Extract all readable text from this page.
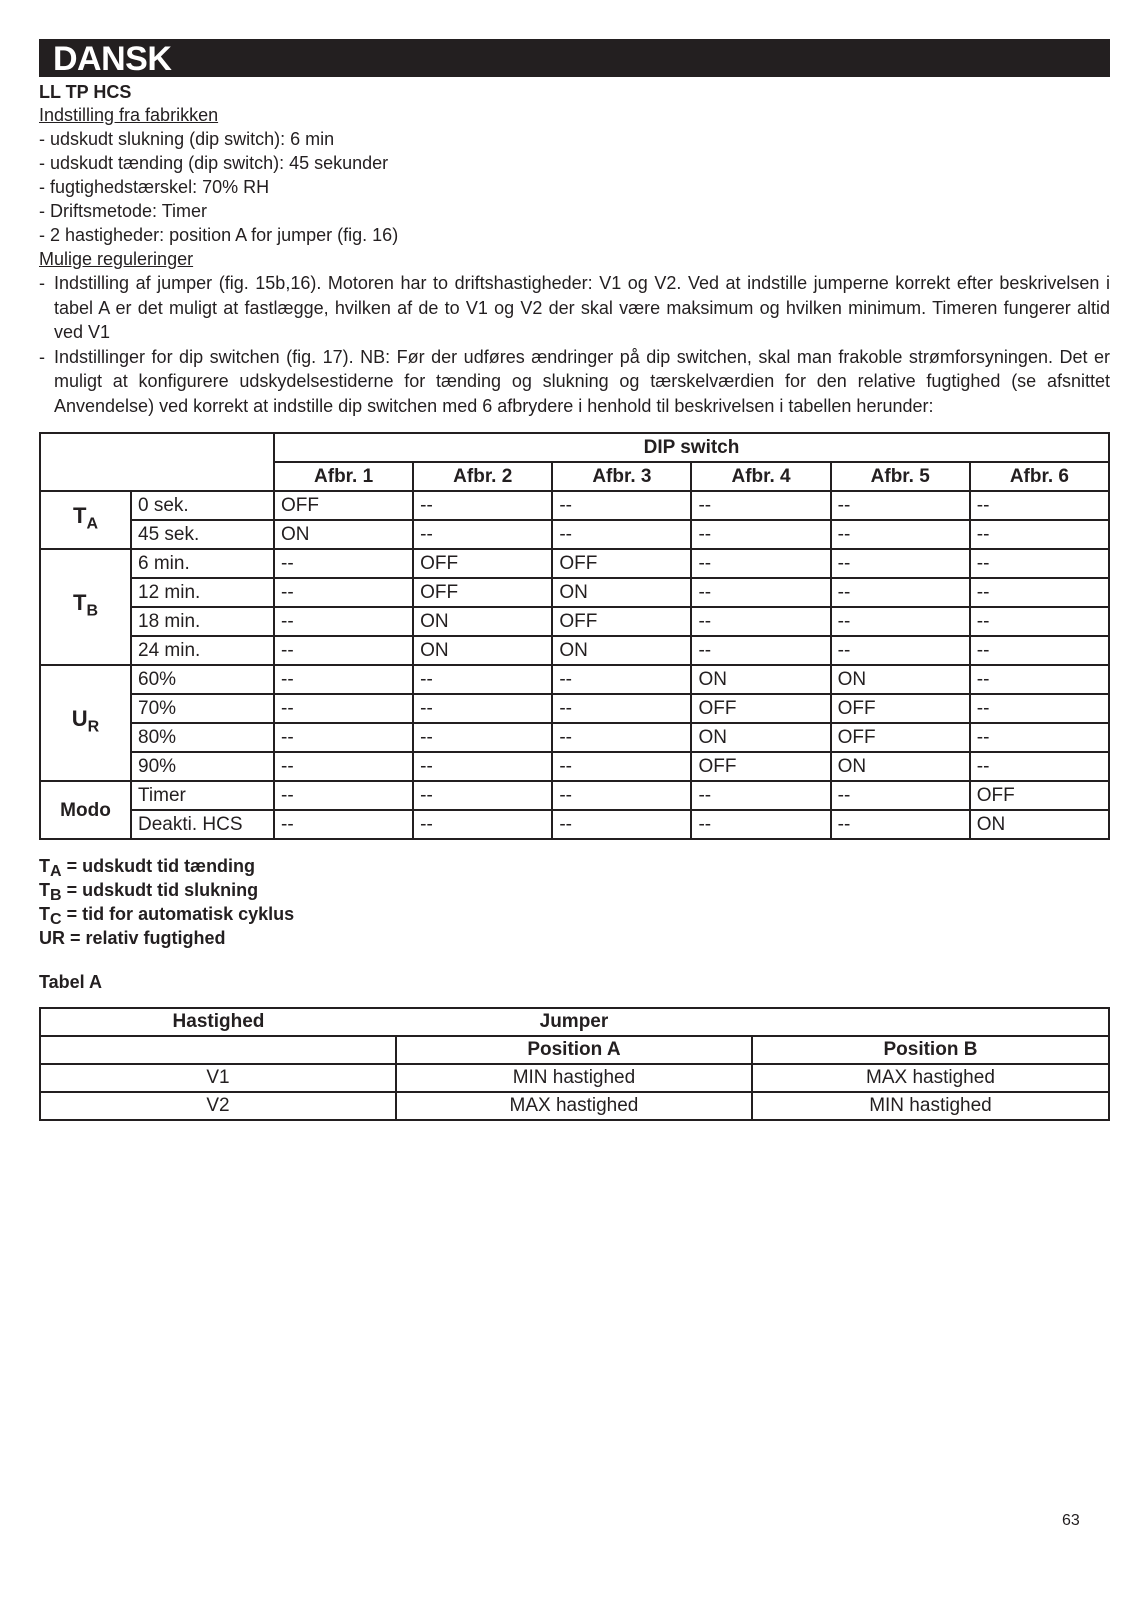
DANSK
LL TP HCS
Indstilling fra fabrikken
- udskudt slukning (dip switch): 6 min
- udskudt tænding (dip switch): 45 sekunder
- fugtighedstærskel: 70% RH
- Driftsmetode: Timer
- 2 hastigheder: position A for jumper (fig. 16)
Mulige reguleringer
- Indstilling af jumper (fig. 15b,16). Motoren har to driftshastigheder: V1 og V2. Ved at indstille jumperne korrekt efter beskrivelsen i tabel A er det muligt at fastlægge, hvilken af de to V1 og V2 der skal være maksimum og hvilken minimum. Timeren fungerer altid ved V1
- Indstillinger for dip switchen (fig. 17). NB: Før der udføres ændringer på dip switchen, skal man frakoble strømforsyningen. Det er muligt at konfigurere udskydelsestiderne for tænding og slukning og tærskelværdien for den relative fugtighed (se afsnittet Anvendelse) ved korrekt at indstille dip switchen med 6 afbrydere i henhold til beskrivelsen i tabellen herunder:
		DIP switch					
		Afbr. 1	Afbr. 2	Afbr. 3	Afbr. 4	Afbr. 5	Afbr. 6
$T_A$	0 sek.	OFF	--	--	--	--	--
	45 sek.	ON	--	--	--	--	--
$T_B$	6 min.	--	OFF	OFF	--	--	--
	12 min.	--	OFF	ON	--	--	--
	18 min.	--	ON	OFF	--	--	--
	24 min.	--	ON	ON	--	--	--
$U_R$	60%	--	--	--	ON	ON	--
	70%	--	--	--	OFF	OFF	--
	80%	--	--	--	ON	OFF	--
	90%	--	--	--	OFF	ON	--
Modo	Timer	--	--	--	--	--	OFF
	Deakti. HCS	--	--	--	--	--	ON
$T_A$ = udskudt tid tænding
$T_B$ = udskudt tid slukning
$T_C$ = tid for automatisk cyklus
UR = relativ fugtighed
Tabel A
Hastighed	Jumper	
	Position A	Position B
V1	MIN hastighed	MAX hastighed
V2	MAX hastighed	MIN hastighed
63
